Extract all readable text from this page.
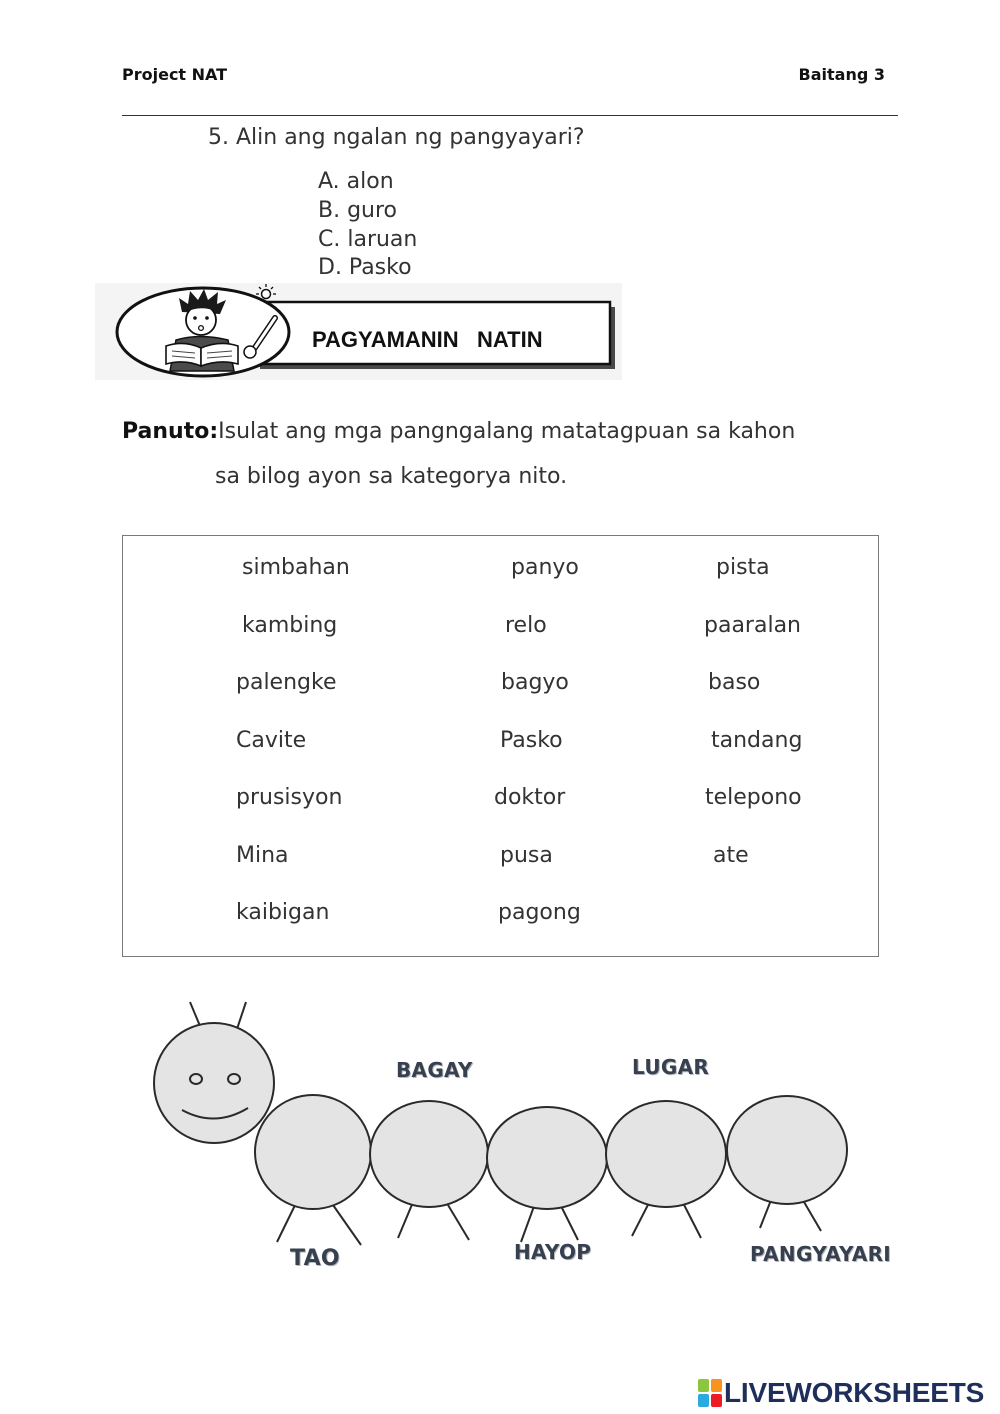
Project NAT	Baitang 3
5. Alin ang ngalan ng pangyayari?
A. alon
B. guro
C. laruan
D. Pasko
PAGYAMANIN   NATIN
Panuto:Isulat ang mga pangngalang matatagpuan sa kahon
sa bilog ayon sa kategorya nito.
simbahan	panyo	pista
kambing	relo	paaralan
palengke	bagyo	baso
Cavite	Pasko	tandang
prusisyon	doktor	telepono
Mina	pusa	ate
kaibigan	pagong
BAGAY	LUGAR
TAO	HAYOP	PANGYAYARI
LIVEWORKSHEETS
